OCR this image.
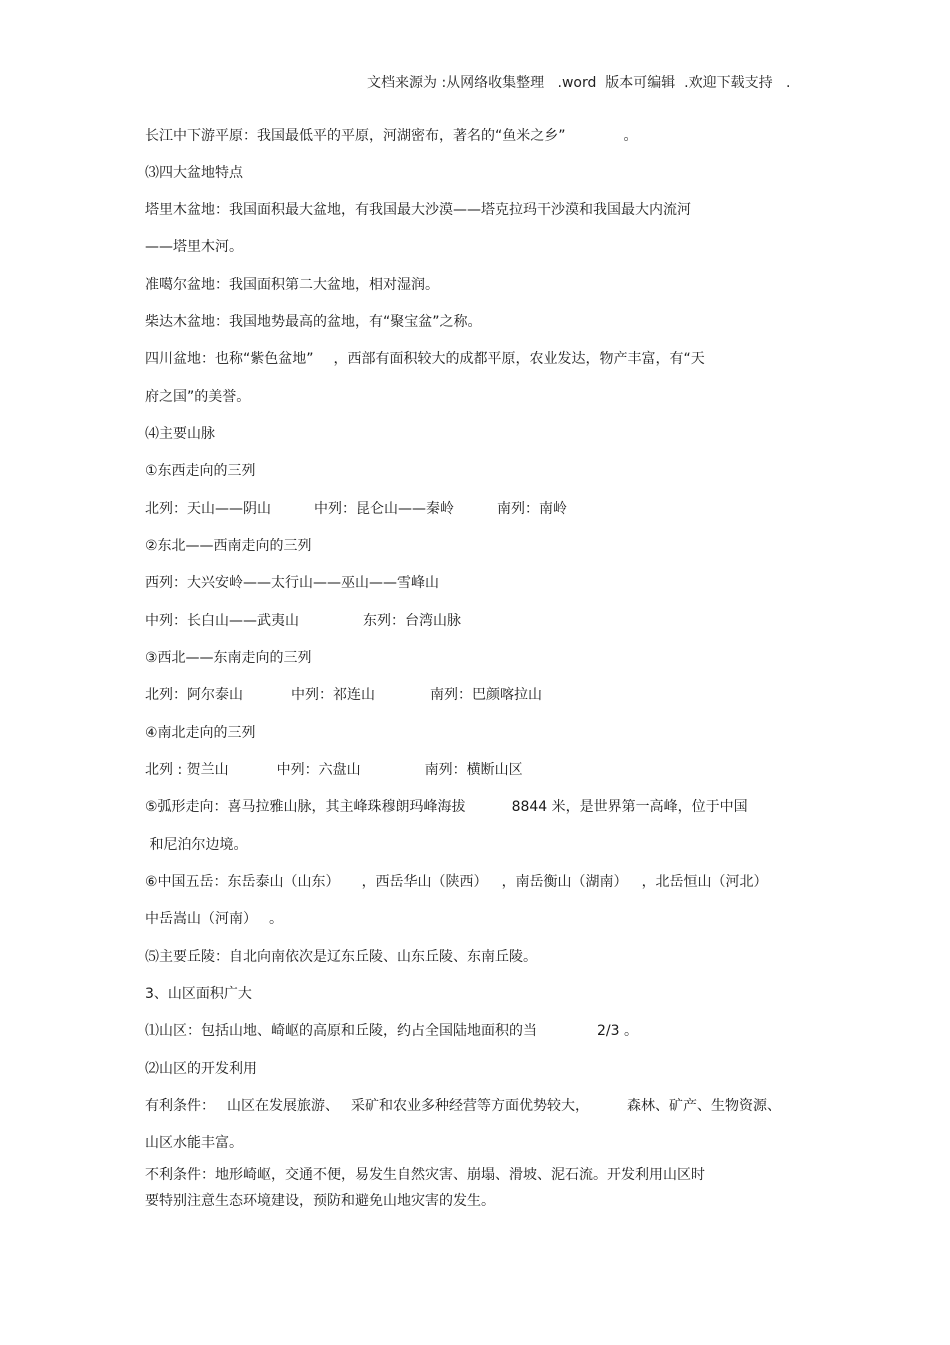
文档来源为 :从网络收集整理   .word  版本可编辑  .欢迎下载支持   .
长江中下游平原：我国最低平的平原，河湖密布，著名的“鱼米之乡”	。
⑶四大盆地特点
塔里木盆地：我国面积最大盆地，有我国最大沙漠——塔克拉玛干沙漠和我国最大内流河
——塔里木河。
准噶尔盆地：我国面积第二大盆地，相对湿润。
柴达木盆地：我国地势最高的盆地，有“聚宝盆”之称。
四川盆地：也称“紫色盆地” ，西部有面积较大的成都平原，农业发达，物产丰富，有“天
府之国”的美誉。
⑷主要山脉
①东西走向的三列
北列：天山——阴山	中列：昆仑山——秦岭	南列：南岭
②东北——西南走向的三列
西列：大兴安岭——太行山——巫山——雪峰山
中列：长白山——武夷山	东列：台湾山脉
③西北——东南走向的三列
北列：阿尔泰山	中列：祁连山	南列：巴颜喀拉山
④南北走向的三列
北列 : 贺兰山	中列：六盘山	南列：横断山区
⑤弧形走向：喜马拉雅山脉，其主峰珠穆朗玛峰海拔	8844 米，是世界第一高峰，位于中国
和尼泊尔边境。
⑥中国五岳：东岳泰山（山东） ，西岳华山（陕西） ，南岳衡山（湖南） ，北岳恒山（河北）
中岳嵩山（河南） 。
⑸主要丘陵：自北向南依次是辽东丘陵、山东丘陵、东南丘陵。
3、山区面积广大
⑴山区：包括山地、崎岖的高原和丘陵，约占全国陆地面积的当	2/3 。
⑵山区的开发利用
有利条件： 山区在发展旅游、 采矿和农业多种经营等方面优势较大，	森林、矿产、生物资源、
山区水能丰富。
不利条件：地形崎岖，交通不便，易发生自然灾害、崩塌、滑坡、泥石流。开发利用山区时
要特别注意生态环境建设，预防和避免山地灾害的发生。
